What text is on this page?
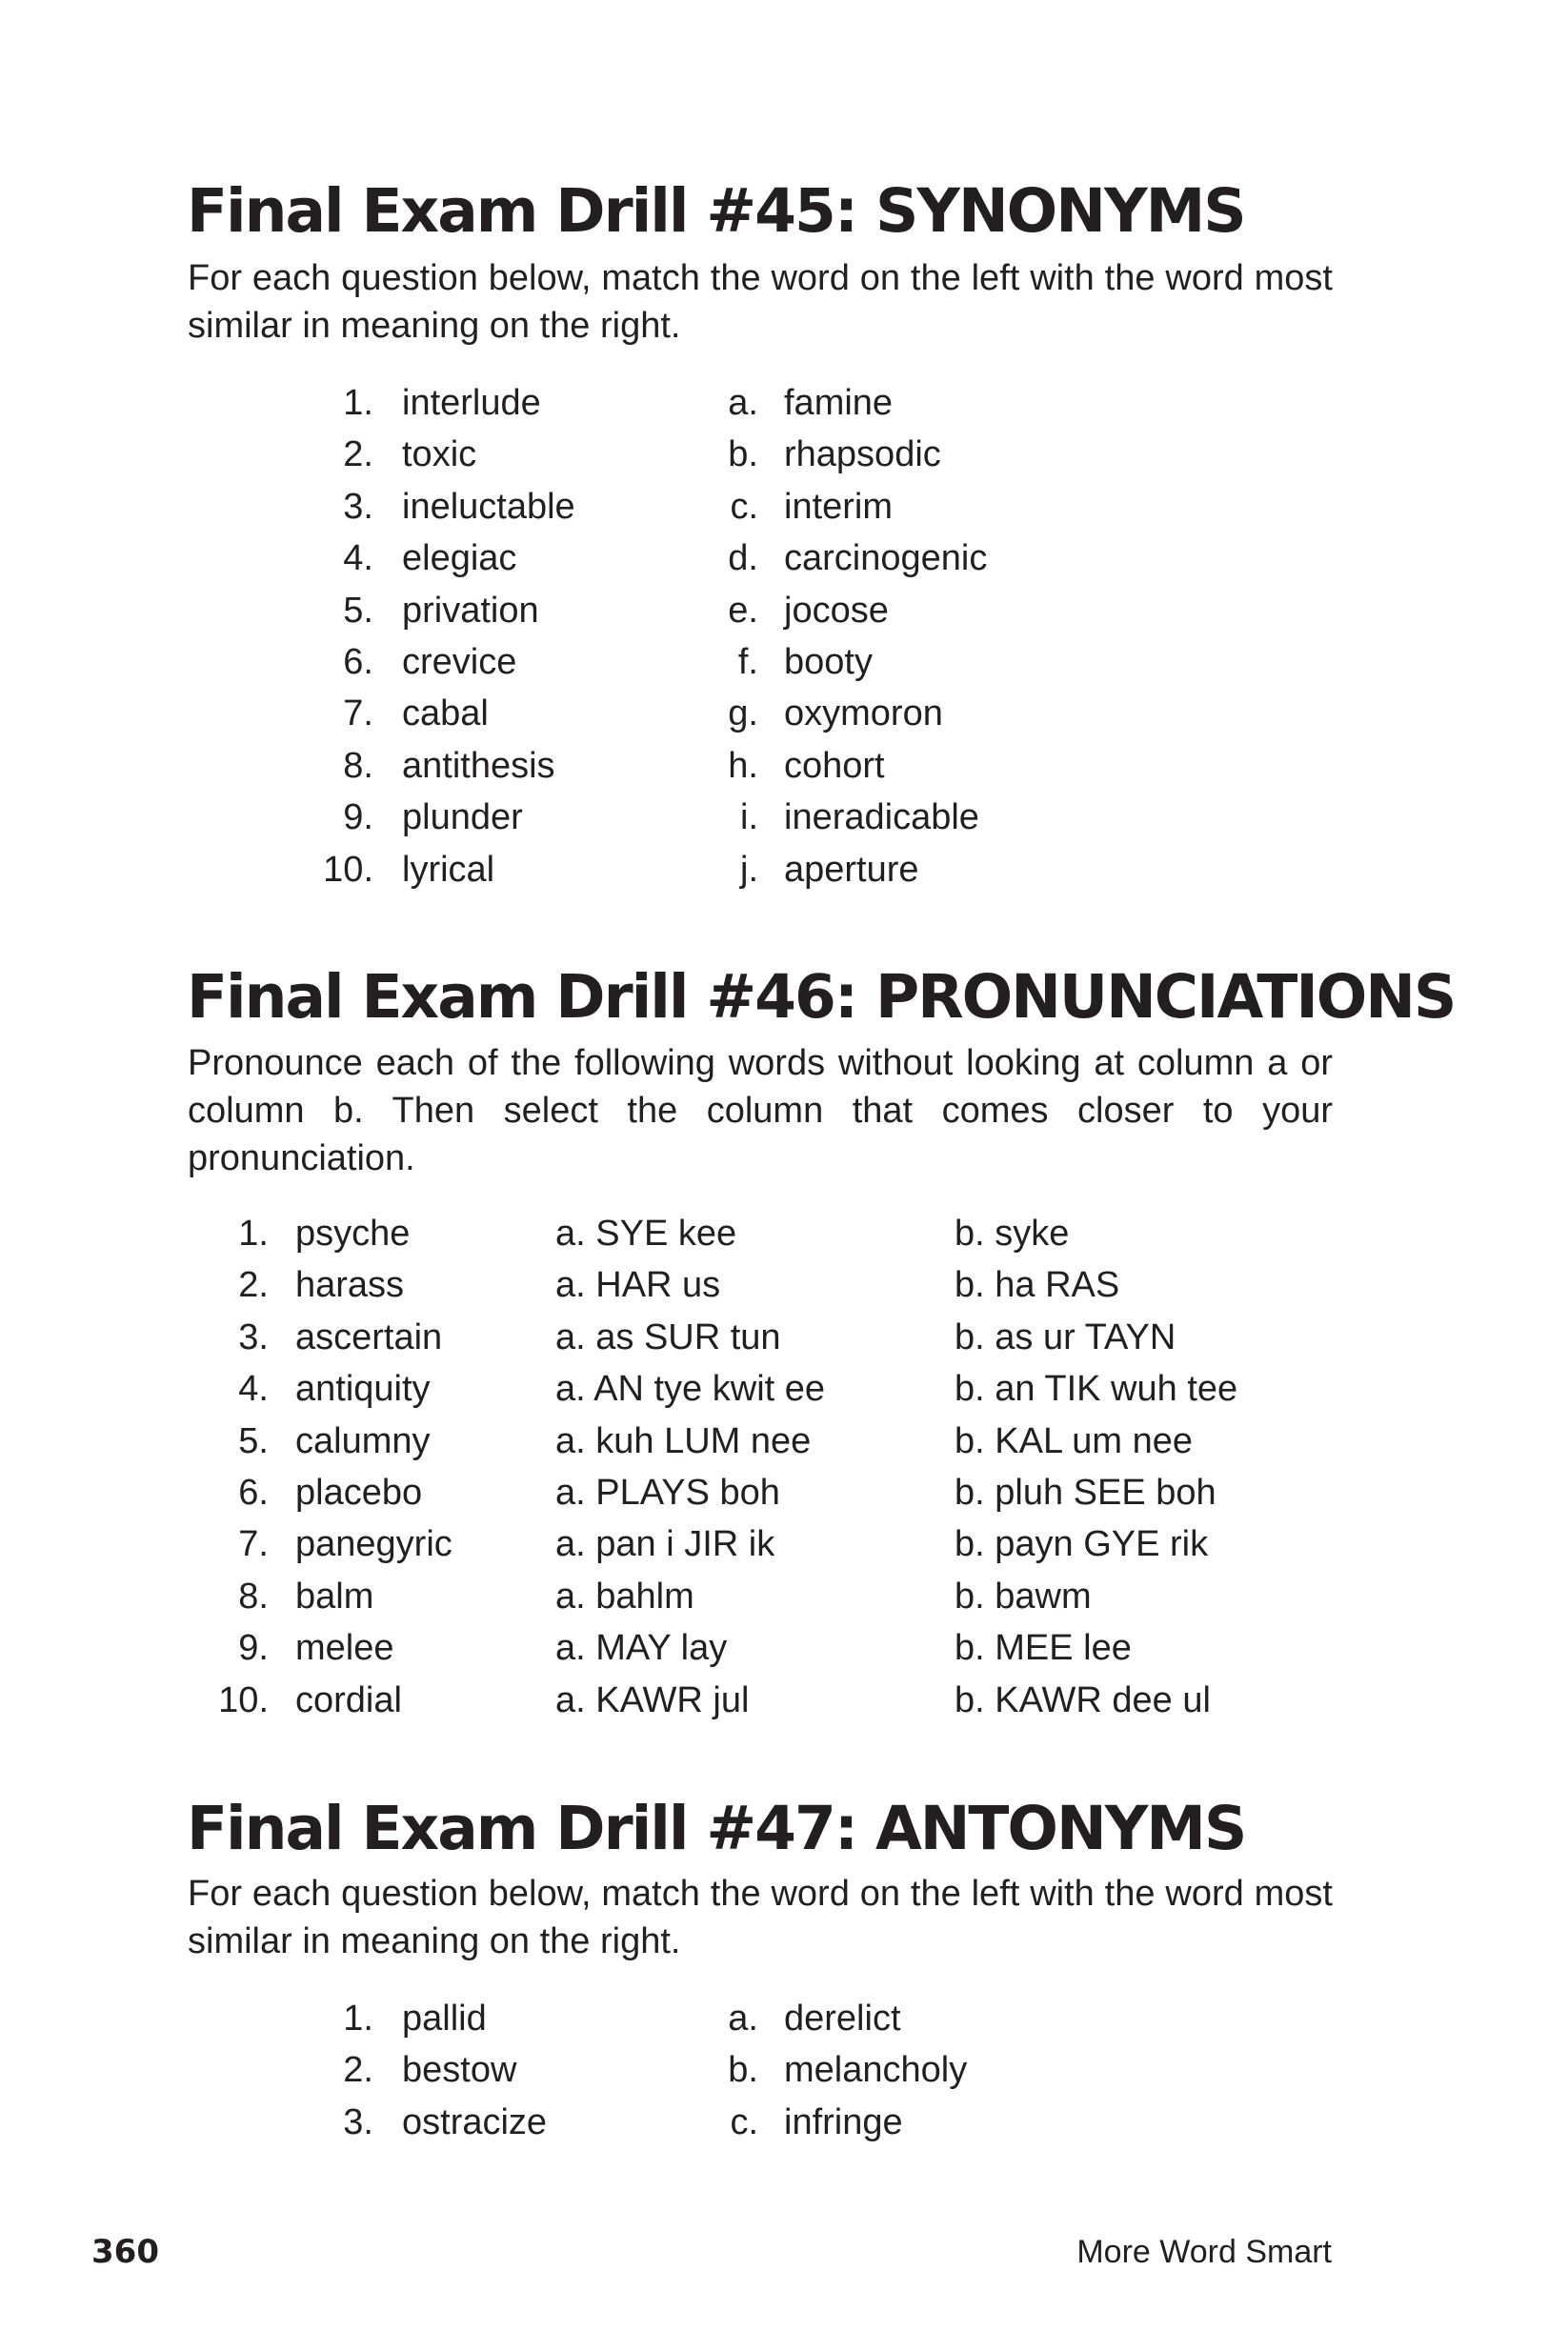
Final Exam Drill #45: SYNONYMS

For each question below, match the word on the left with the word most similar in meaning on the right.

1. interlude	a. famine
2. toxic	b. rhapsodic
3. ineluctable	c. interim
4. elegiac	d. carcinogenic
5. privation	e. jocose
6. crevice	f. booty
7. cabal	g. oxymoron
8. antithesis	h. cohort
9. plunder	i. ineradicable
10. lyrical	j. aperture
Final Exam Drill #46: PRONUNCIATIONS

Pronounce each of the following words without looking at column a or column b. Then select the column that comes closer to your pronunciation.

1. psyche	a. SYE kee	b. syke
2. harass	a. HAR us	b. ha RAS
3. ascertain	a. as SUR tun	b. as ur TAYN
4. antiquity	a. AN tye kwit ee	b. an TIK wuh tee
5. calumny	a. kuh LUM nee	b. KAL um nee
6. placebo	a. PLAYS boh	b. pluh SEE boh
7. panegyric	a. pan i JIR ik	b. payn GYE rik
8. balm	a. bahlm	b. bawm
9. melee	a. MAY lay	b. MEE lee
10. cordial	a. KAWR jul	b. KAWR dee ul
Final Exam Drill #47: ANTONYMS

For each question below, match the word on the left with the word most similar in meaning on the right.

1. pallid	a. derelict
2. bestow	b. melancholy
3. ostracize	c. infringe
360	More Word Smart
